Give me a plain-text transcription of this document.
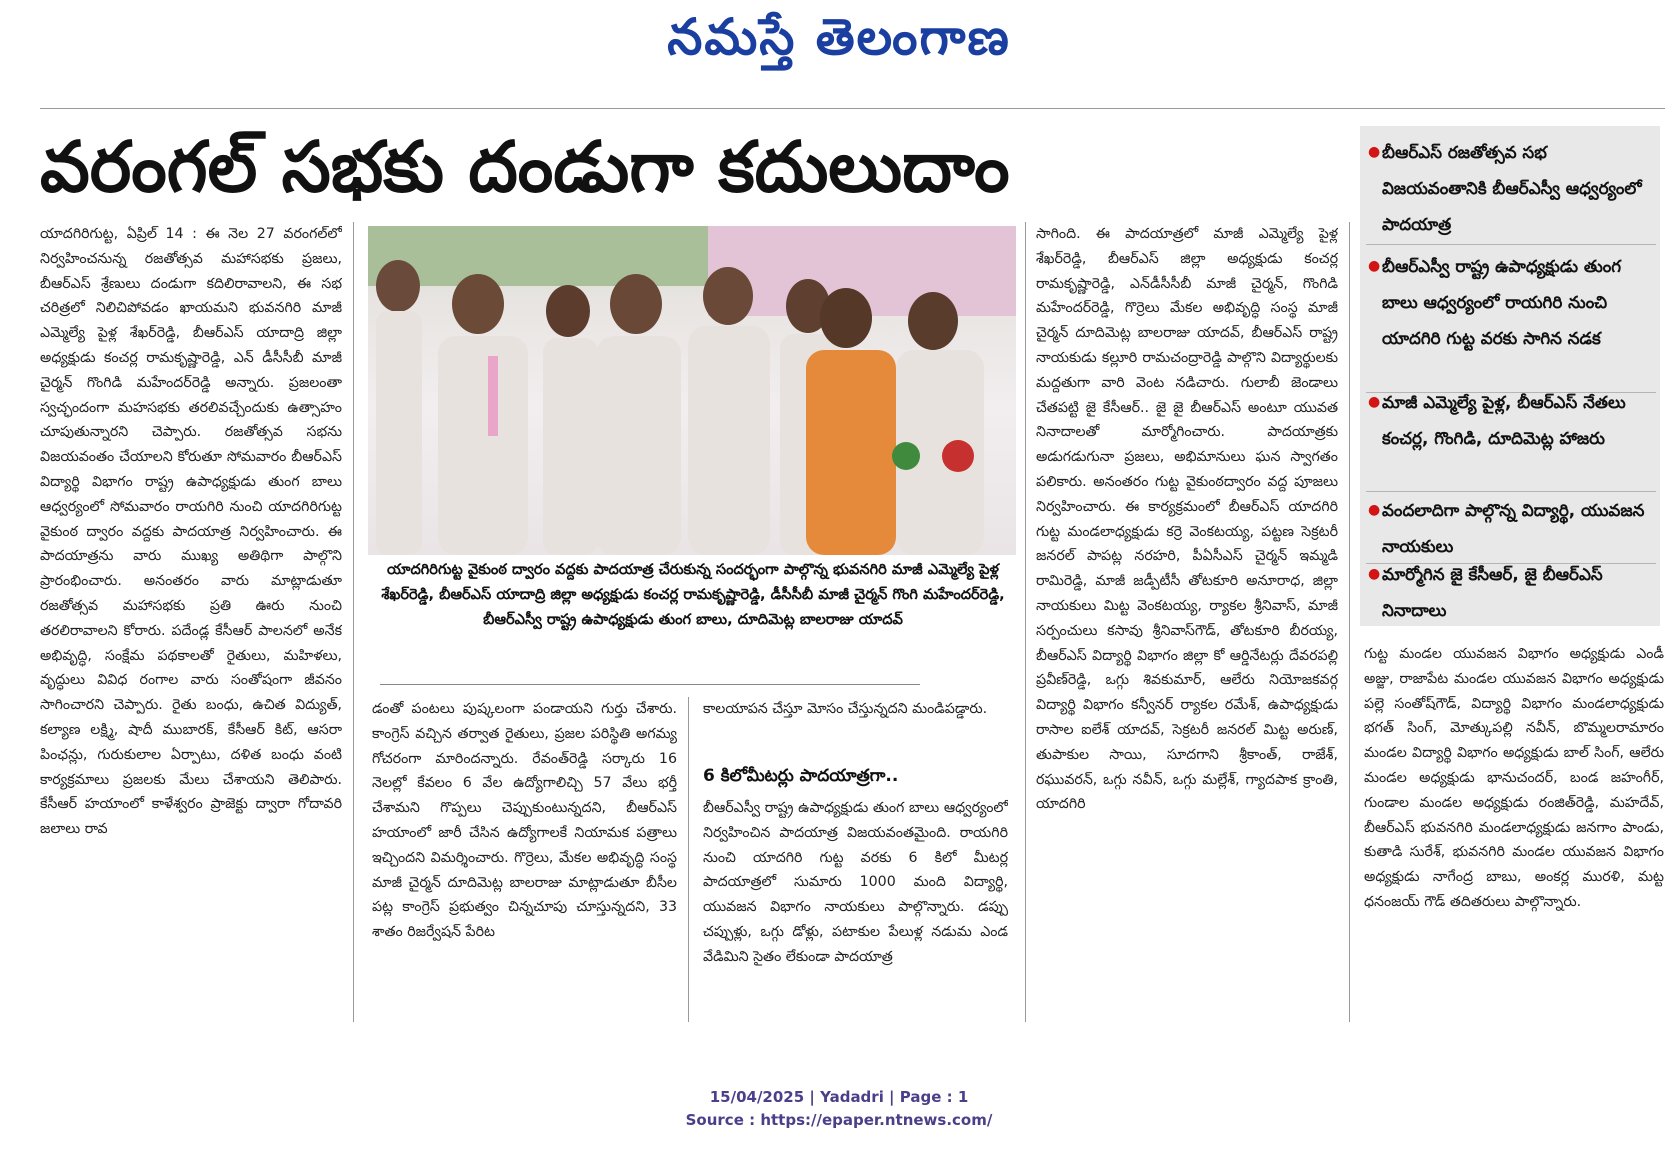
నమస్తే తెలంగాణ
వరంగల్ సభకు దండుగా కదులుదాం

యాదగిరిగుట్ట, ఏప్రిల్ 14 : ఈ నెల 27 వరంగల్‌లో నిర్వహించనున్న రజతోత్సవ మహాసభకు ప్రజలు, బీఆర్‌ఎస్ శ్రేణులు దండుగా కదిలిరావాలని, ఈ సభ చరిత్రలో నిలిచిపోవడం ఖాయమని భువనగిరి మాజీ ఎమ్మెల్యే పైళ్ల శేఖర్‌రెడ్డి, బీఆర్‌ఎస్ యాదాద్రి జిల్లా అధ్యక్షుడు కంచర్ల రామకృష్ణారెడ్డి, ఎన్ డీసీసీబీ మాజీ చైర్మన్ గొంగిడి మహేందర్‌రెడ్డి అన్నారు. ప్రజలంతా స్వచ్ఛందంగా మహసభకు తరలివచ్చేందుకు ఉత్సాహం చూపుతున్నారని చెప్పారు. రజతోత్సవ సభను విజయవంతం చేయాలని కోరుతూ సోమవారం బీఆర్‌ఎస్ విద్యార్థి విభాగం రాష్ట్ర ఉపాధ్యక్షుడు తుంగ బాలు ఆధ్వర్యంలో సోమవారం రాయగిరి నుంచి యాదగిరిగుట్ట వైకుంఠ ద్వారం వద్దకు పాదయాత్ర నిర్వహించారు. ఈ పాదయాత్రను వారు ముఖ్య అతిథిగా పాల్గొని ప్రారంభించారు. అనంతరం వారు మాట్లాడుతూ రజతోత్సవ మహాసభకు ప్రతి ఊరు నుంచి తరలిరావాలని కోరారు. పదేండ్ల కేసీఆర్ పాలనలో అనేక అభివృద్ధి, సంక్షేమ పథకాలతో రైతులు, మహిళలు, వృద్ధులు వివిధ రంగాల వారు సంతోషంగా జీవనం సాగించారని చెప్పారు. రైతు బంధు, ఉచిత విద్యుత్, కల్యాణ లక్ష్మి, షాదీ ముబారక్, కేసీఆర్ కిట్, ఆసరా పింఛన్లు, గురుకులాల ఏర్పాటు, దళిత బంధు వంటి కార్యక్రమాలు ప్రజలకు మేలు చేశాయని తెలిపారు. కేసీఆర్ హయాంలో కాళేశ్వరం ప్రాజెక్టు ద్వారా గోదావరి జలాలు రావ

యాదగిరిగుట్ట వైకుంఠ ద్వారం వద్దకు పాదయాత్ర చేరుకున్న సందర్భంగా పాల్గొన్న భువనగిరి మాజీ ఎమ్మెల్యే పైళ్ల శేఖర్‌రెడ్డి, బీఆర్‌ఎస్ యాదాద్రి జిల్లా అధ్యక్షుడు కంచర్ల రామకృష్ణారెడ్డి, డీసీసీబీ మాజీ చైర్మన్ గొంగి మహేందర్‌రెడ్డి, బీఆర్‌ఎస్వీ రాష్ట్ర ఉపాధ్యక్షుడు తుంగ బాలు, దూదిమెట్ల బాలరాజు యాదవ్

డంతో పంటలు పుష్కలంగా పండాయని గుర్తు చేశారు. కాంగ్రెస్ వచ్చిన తర్వాత రైతులు, ప్రజల పరిస్థితి అగమ్య గోచరంగా మారిందన్నారు. రేవంత్‌రెడ్డి సర్కారు 16 నెలల్లో కేవలం 6 వేల ఉద్యోగాలిచ్చి 57 వేలు భర్తీ చేశామని గొప్పలు చెప్పుకుంటున్నదని, బీఆర్‌ఎస్ హయాంలో జారీ చేసిన ఉద్యోగాలకే నియామక పత్రాలు ఇచ్చిందని విమర్శించారు. గొర్రెలు, మేకల అభివృద్ధి సంస్థ మాజీ చైర్మన్ దూదిమెట్ల బాలరాజు మాట్లాడుతూ బీసీల పట్ల కాంగ్రెస్ ప్రభుత్వం చిన్నచూపు చూస్తున్నదని, 33 శాతం రిజర్వేషన్ పేరిట

కాలయాపన చేస్తూ మోసం చేస్తున్నదని మండిపడ్డారు.

6 కిలోమీటర్లు పాదయాత్రగా..

బీఆర్‌ఎస్వీ రాష్ట్ర ఉపాధ్యక్షుడు తుంగ బాలు ఆధ్వర్యంలో నిర్వహించిన పాదయాత్ర విజయవంతమైంది. రాయగిరి నుంచి యాదగిరి గుట్ట వరకు 6 కిలో మీటర్ల పాదయాత్రలో సుమారు 1000 మంది విద్యార్థి, యువజన విభాగం నాయకులు పాల్గొన్నారు. డప్పు చప్పుళ్లు, ఒగ్గు డోళ్లు, పటాకుల పేలుళ్ల నడుమ ఎండ వేడిమిని సైతం లేకుండా పాదయాత్ర

సాగింది. ఈ పాదయాత్రలో మాజీ ఎమ్మెల్యే పైళ్ల శేఖర్‌రెడ్డి, బీఆర్‌ఎస్ జిల్లా అధ్యక్షుడు కంచర్ల రామకృష్ణారెడ్డి, ఎన్‌డీసీసీబీ మాజీ చైర్మన్, గొంగిడి మహేందర్‌రెడ్డి, గొర్రెలు మేకల అభివృద్ధి సంస్థ మాజీ చైర్మన్ దూదిమెట్ల బాలరాజు యాదవ్, బీఆర్‌ఎస్ రాష్ట్ర నాయకుడు కల్లూరి రామచంద్రారెడ్డి పాల్గొని విద్యార్థులకు మద్దతుగా వారి వెంట నడిచారు. గులాబీ జెండాలు చేతపట్టి జై కేసీఆర్.. జై జై బీఆర్‌ఎస్ అంటూ యువత నినాదాలతో మార్మోగించారు. పాదయాత్రకు అడుగడుగునా ప్రజలు, అభిమానులు ఘన స్వాగతం పలికారు. అనంతరం గుట్ట వైకుంఠద్వారం వద్ద పూజలు నిర్వహించారు. ఈ కార్యక్రమంలో బీఆర్‌ఎస్ యాదగిరి గుట్ట మండలాధ్యక్షుడు కర్రె వెంకటయ్య, పట్టణ సెక్రటరీ జనరల్ పాపట్ల నరహరి, పీఏసీఎస్ చైర్మన్ ఇమ్మడి రామిరెడ్డి, మాజీ జడ్పీటీసీ తోటకూరి అనూరాధ, జిల్లా నాయకులు మిట్ట వెంకటయ్య, ర్యాకల శ్రీనివాస్, మాజీ సర్పంచులు కసావు శ్రీనివాస్‌గౌడ్, తోటకూరి బీరయ్య, బీఆర్‌ఎస్ విద్యార్థి విభాగం జిల్లా కో ఆర్డినేటర్లు దేవరపల్లి ప్రవీణ్‌రెడ్డి, ఒగ్గు శివకుమార్, ఆలేరు నియోజకవర్గ విద్యార్థి విభాగం కన్వీనర్ ర్యాకల రమేశ్, ఉపాధ్యక్షుడు రాసాల ఐలేశ్ యాదవ్, సెక్రటరీ జనరల్ మిట్ట అరుణ్, తుపాకుల సాయి, సూదగాని శ్రీకాంత్, రాజేశ్, రఘువరన్, ఒగ్గు నవీన్, ఒగ్గు మల్లేశ్, గ్యాదపాక క్రాంతి, యాదగిరి

● బీఆర్‌ఎస్ రజతోత్సవ సభ విజయవంతానికి బీఆర్‌ఎస్వీ ఆధ్వర్యంలో పాదయాత్ర
● బీఆర్‌ఎస్వీ రాష్ట్ర ఉపాధ్యక్షుడు తుంగ బాలు ఆధ్వర్యంలో రాయగిరి నుంచి యాదగిరి గుట్ట వరకు సాగిన నడక
● మాజీ ఎమ్మెల్యే పైళ్ల, బీఆర్‌ఎస్ నేతలు కంచర్ల, గొంగిడి, దూదిమెట్ల హాజరు
● వందలాదిగా పాల్గొన్న విద్యార్థి, యువజన నాయకులు
● మార్మోగిన జై కేసీఆర్, జై బీఆర్‌ఎస్ నినాదాలు

గుట్ట మండల యువజన విభాగం అధ్యక్షుడు ఎండీ అజ్జు, రాజాపేట మండల యువజన విభాగం అధ్యక్షుడు పల్లె సంతోష్‌గౌడ్, విద్యార్థి విభాగం మండలాధ్యక్షుడు భగత్ సింగ్, మోత్కుపల్లి నవీన్, బొమ్మలరామారం మండల విద్యార్థి విభాగం అధ్యక్షుడు బాల్ సింగ్, ఆలేరు మండల అధ్యక్షుడు భానుచందర్, బండ జహంగీర్, గుండాల మండల అధ్యక్షుడు రంజిత్‌రెడ్డి, మహదేవ్, బీఆర్‌ఎస్ భువనగిరి మండలాధ్యక్షుడు జనగాం పాండు, కుతాడి సురేశ్, భువనగిరి మండల యువజన విభాగం అధ్యక్షుడు నాగేంద్ర బాబు, అంకర్ల మురళి, మట్ట ధనంజయ్ గౌడ్ తదితరులు పాల్గొన్నారు.

15/04/2025 | Yadadri | Page : 1
Source : https://epaper.ntnews.com/
